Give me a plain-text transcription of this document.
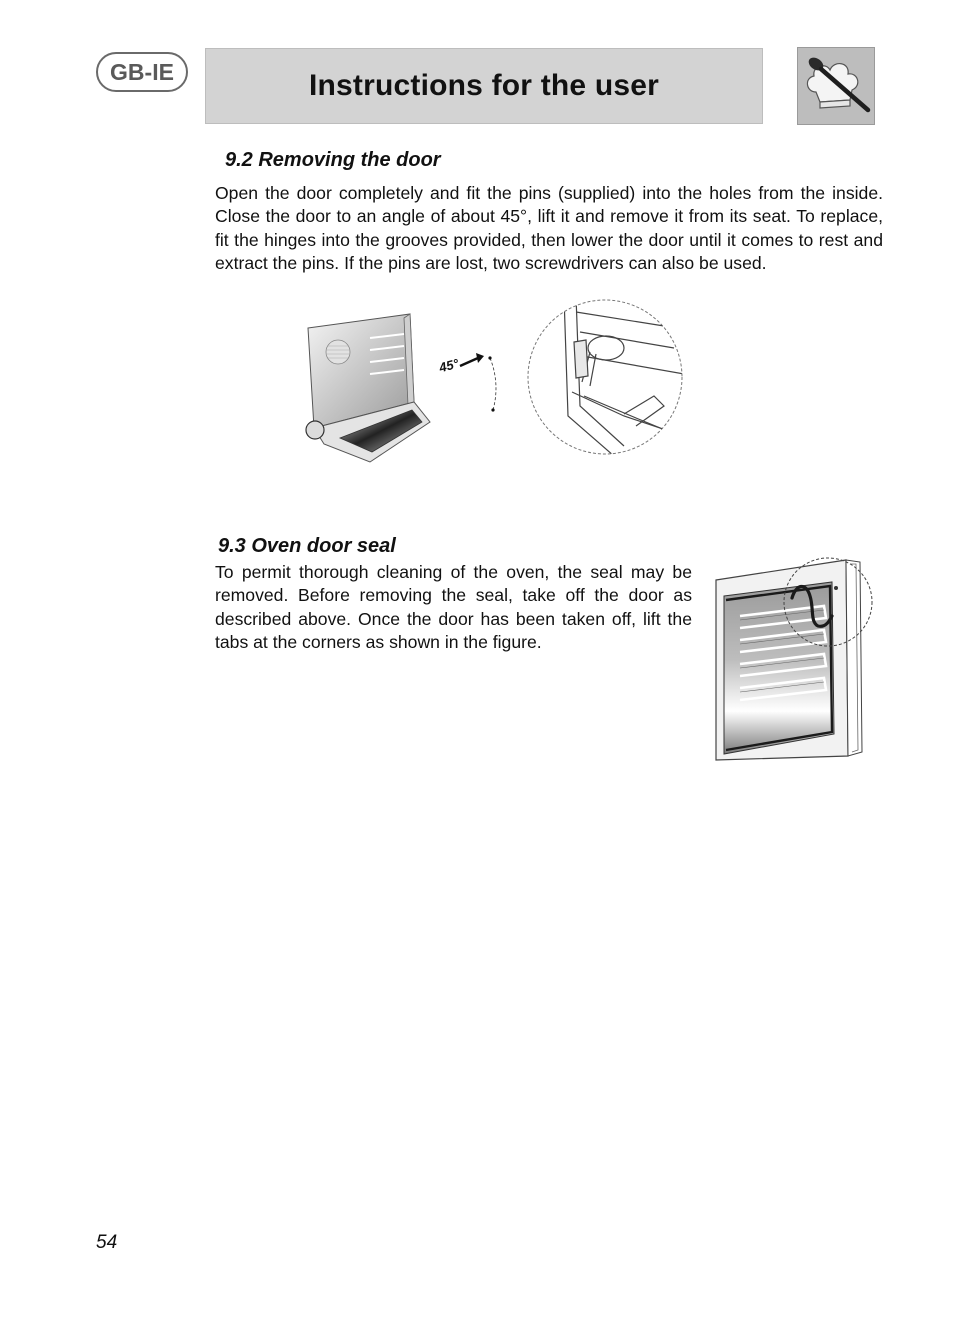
GB-IE	Instructions for the user
9.2 Removing the door
Open the door completely and fit the pins (supplied) into the holes from the inside. Close the door to an angle of about 45°, lift it and remove it from its seat. To replace, fit the hinges into the grooves provided, then lower the door until it comes to rest and extract the pins. If the pins are lost, two screwdrivers can also be used.
45°
9.3 Oven door seal
To permit thorough cleaning of the oven, the seal may be removed. Before removing the seal, take off the door as described above. Once the door has been taken off, lift the tabs at the corners as shown in the figure.
54
